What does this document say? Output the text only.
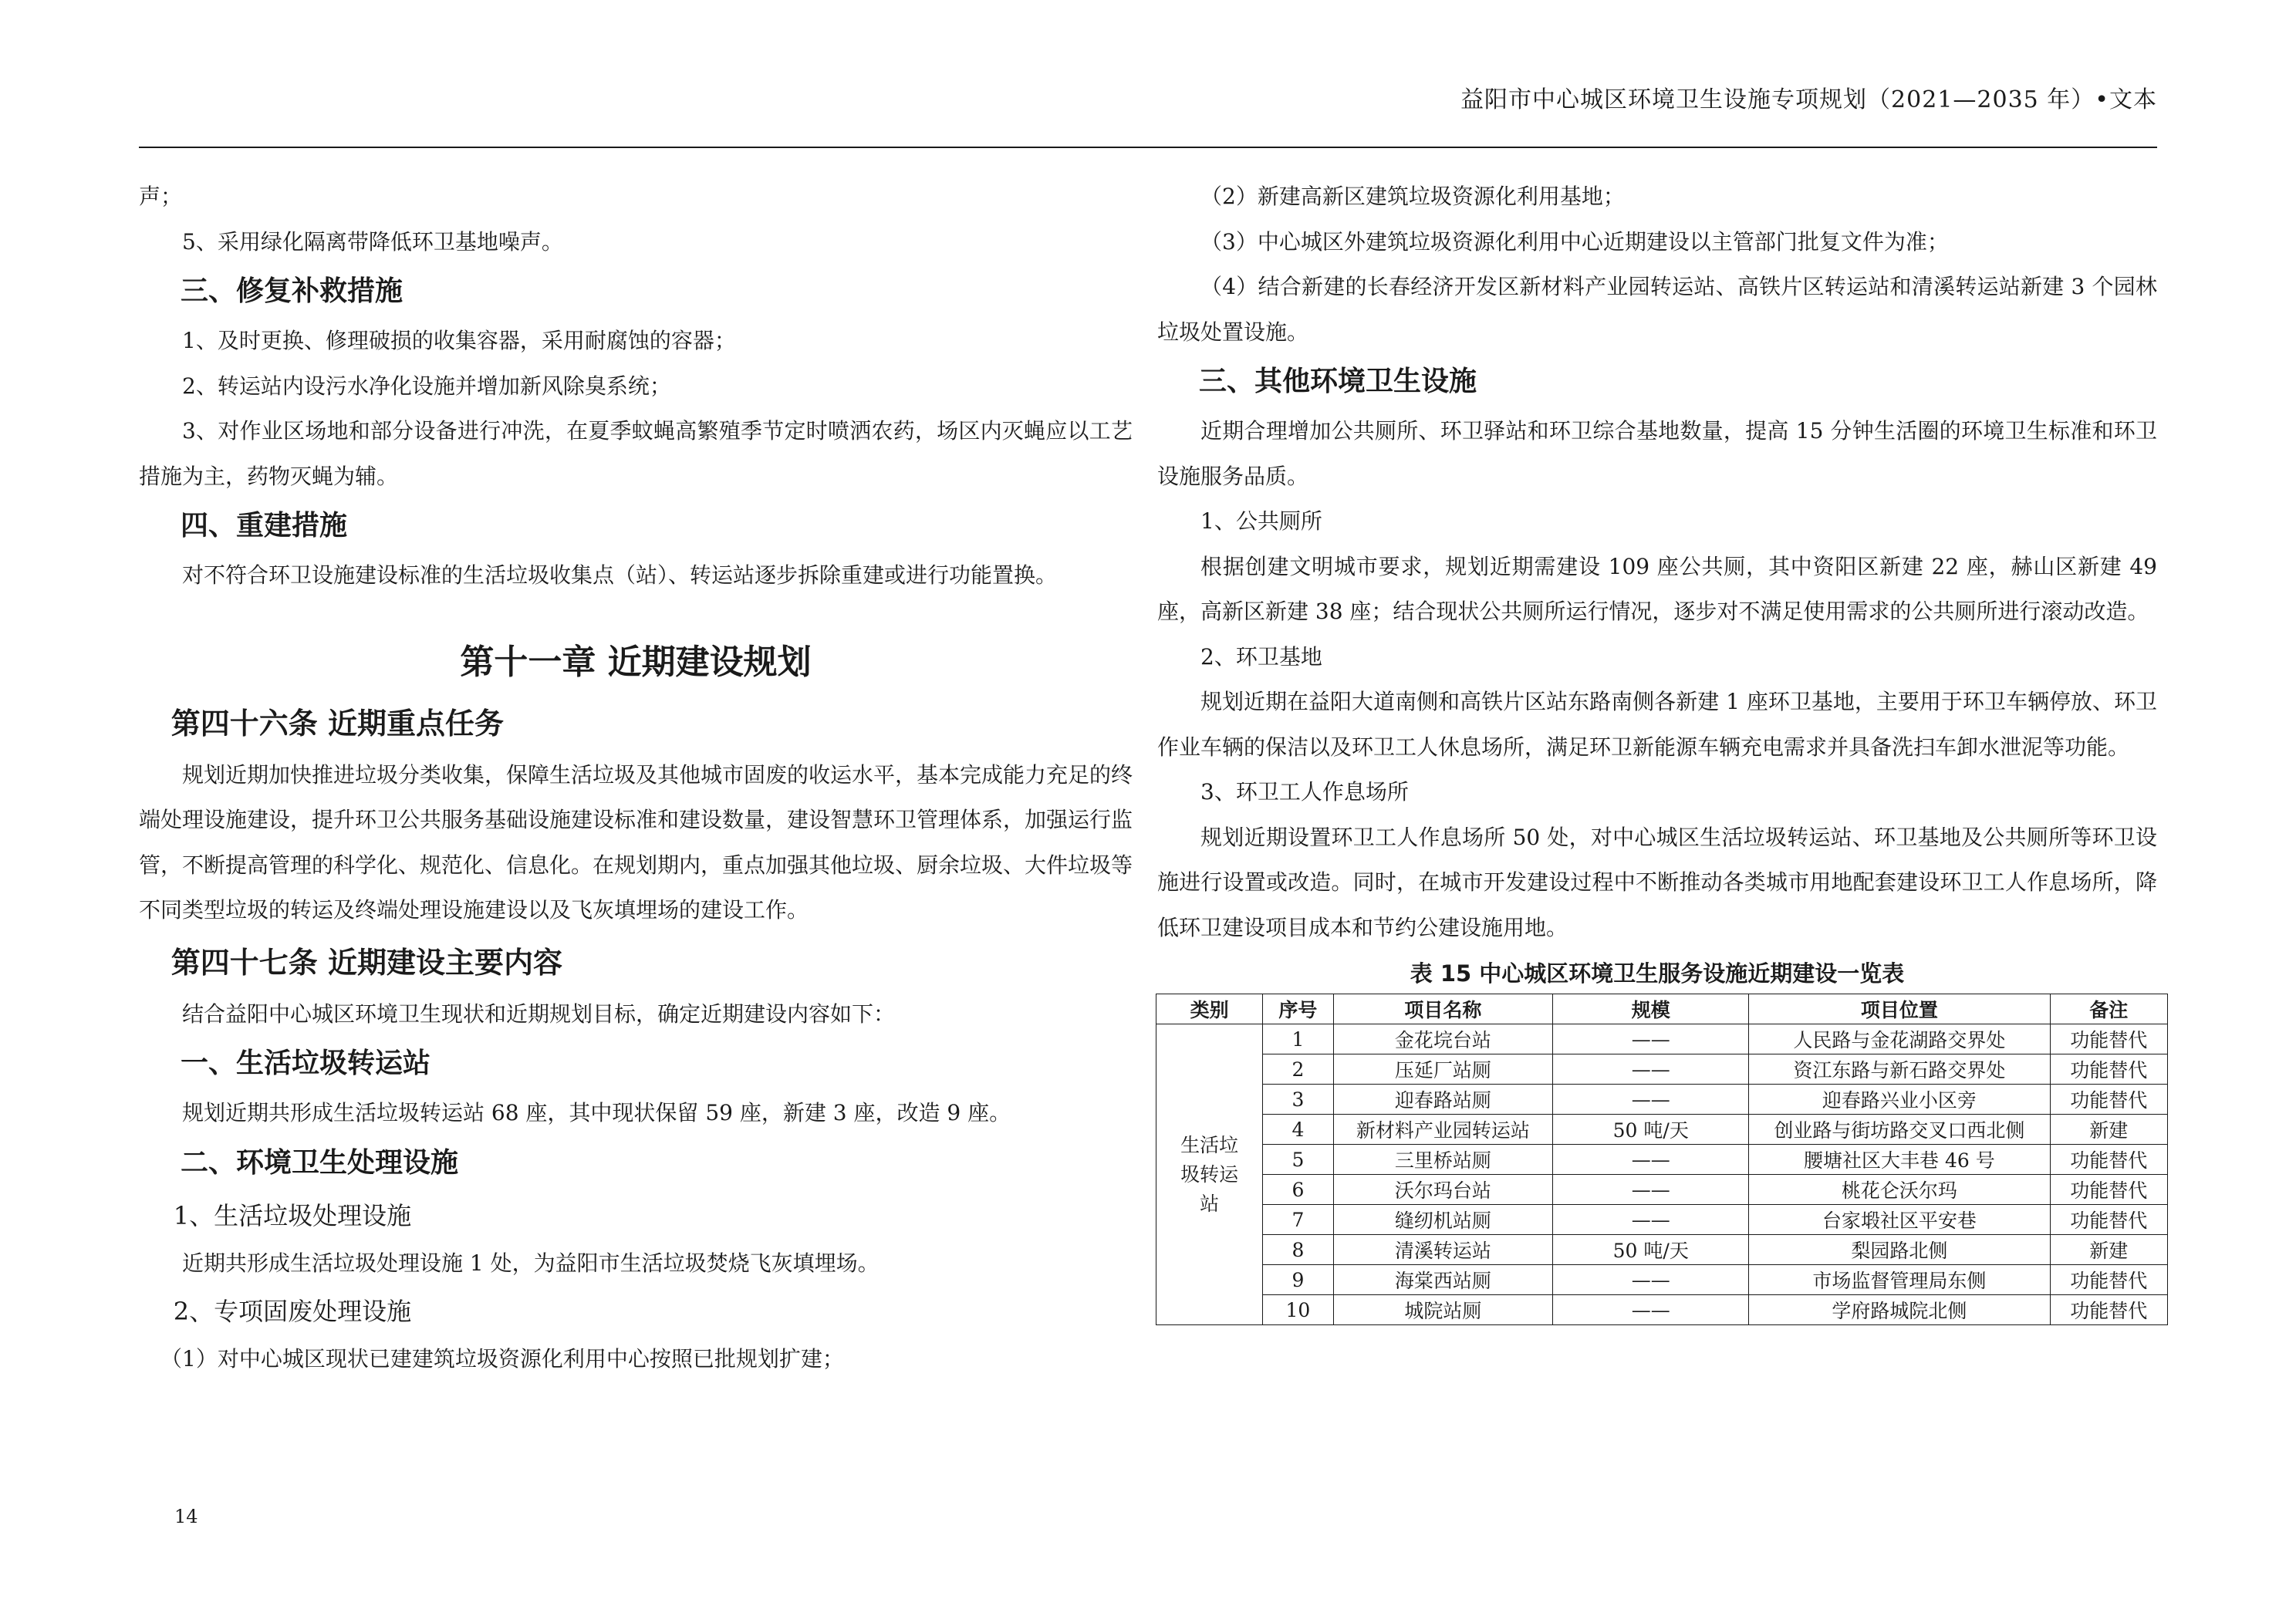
益阳市中心城区环境卫生设施专项规划（2021—2035 年）•文本

声；

5、采用绿化隔离带降低环卫基地噪声。

三、修复补救措施

1、及时更换、修理破损的收集容器，采用耐腐蚀的容器；

2、转运站内设污水净化设施并增加新风除臭系统；

3、对作业区场地和部分设备进行冲洗，在夏季蚊蝇高繁殖季节定时喷洒农药，场区内灭蝇应以工艺措施为主，药物灭蝇为辅。

四、重建措施

对不符合环卫设施建设标准的生活垃圾收集点（站）、转运站逐步拆除重建或进行功能置换。

第十一章 近期建设规划
第四十六条 近期重点任务

规划近期加快推进垃圾分类收集，保障生活垃圾及其他城市固废的收运水平，基本完成能力充足的终端处理设施建设，提升环卫公共服务基础设施建设标准和建设数量，建设智慧环卫管理体系，加强运行监管，不断提高管理的科学化、规范化、信息化。在规划期内，重点加强其他垃圾、厨余垃圾、大件垃圾等不同类型垃圾的转运及终端处理设施建设以及飞灰填埋场的建设工作。

第四十七条 近期建设主要内容

结合益阳中心城区环境卫生现状和近期规划目标，确定近期建设内容如下：

一、生活垃圾转运站

规划近期共形成生活垃圾转运站 68 座，其中现状保留 59 座，新建 3 座，改造 9 座。

二、环境卫生处理设施
1、生活垃圾处理设施

近期共形成生活垃圾处理设施 1 处，为益阳市生活垃圾焚烧飞灰填埋场。

2、专项固废处理设施

（1）对中心城区现状已建建筑垃圾资源化利用中心按照已批规划扩建；

（2）新建高新区建筑垃圾资源化利用基地；

（3）中心城区外建筑垃圾资源化利用中心近期建设以主管部门批复文件为准；

（4）结合新建的长春经济开发区新材料产业园转运站、高铁片区转运站和清溪转运站新建 3 个园林垃圾处置设施。

三、其他环境卫生设施

近期合理增加公共厕所、环卫驿站和环卫综合基地数量，提高 15 分钟生活圈的环境卫生标准和环卫设施服务品质。

1、公共厕所

根据创建文明城市要求，规划近期需建设 109 座公共厕，其中资阳区新建 22 座，赫山区新建 49 座，高新区新建 38 座；结合现状公共厕所运行情况，逐步对不满足使用需求的公共厕所进行滚动改造。

2、环卫基地

规划近期在益阳大道南侧和高铁片区站东路南侧各新建 1 座环卫基地，主要用于环卫车辆停放、环卫作业车辆的保洁以及环卫工人休息场所，满足环卫新能源车辆充电需求并具备洗扫车卸水泄泥等功能。

3、环卫工人作息场所

规划近期设置环卫工人作息场所 50 处，对中心城区生活垃圾转运站、环卫基地及公共厕所等环卫设施进行设置或改造。同时，在城市开发建设过程中不断推动各类城市用地配套建设环卫工人作息场所，降低环卫建设项目成本和节约公建设施用地。

表 15 中心城区环境卫生服务设施近期建设一览表
类别	序号	项目名称	规模	项目位置	备注
生活垃圾转运站	1	金花垸台站	——	人民路与金花湖路交界处	功能替代
	2	压延厂站厕	——	资江东路与新石路交界处	功能替代
	3	迎春路站厕	——	迎春路兴业小区旁	功能替代
	4	新材料产业园转运站	50 吨/天	创业路与街坊路交叉口西北侧	新建
	5	三里桥站厕	——	腰塘社区大丰巷 46 号	功能替代
	6	沃尔玛台站	——	桃花仑沃尔玛	功能替代
	7	缝纫机站厕	——	台家塅社区平安巷	功能替代
	8	清溪转运站	50 吨/天	梨园路北侧	新建
	9	海棠西站厕	——	市场监督管理局东侧	功能替代
	10	城院站厕	——	学府路城院北侧	功能替代
14
